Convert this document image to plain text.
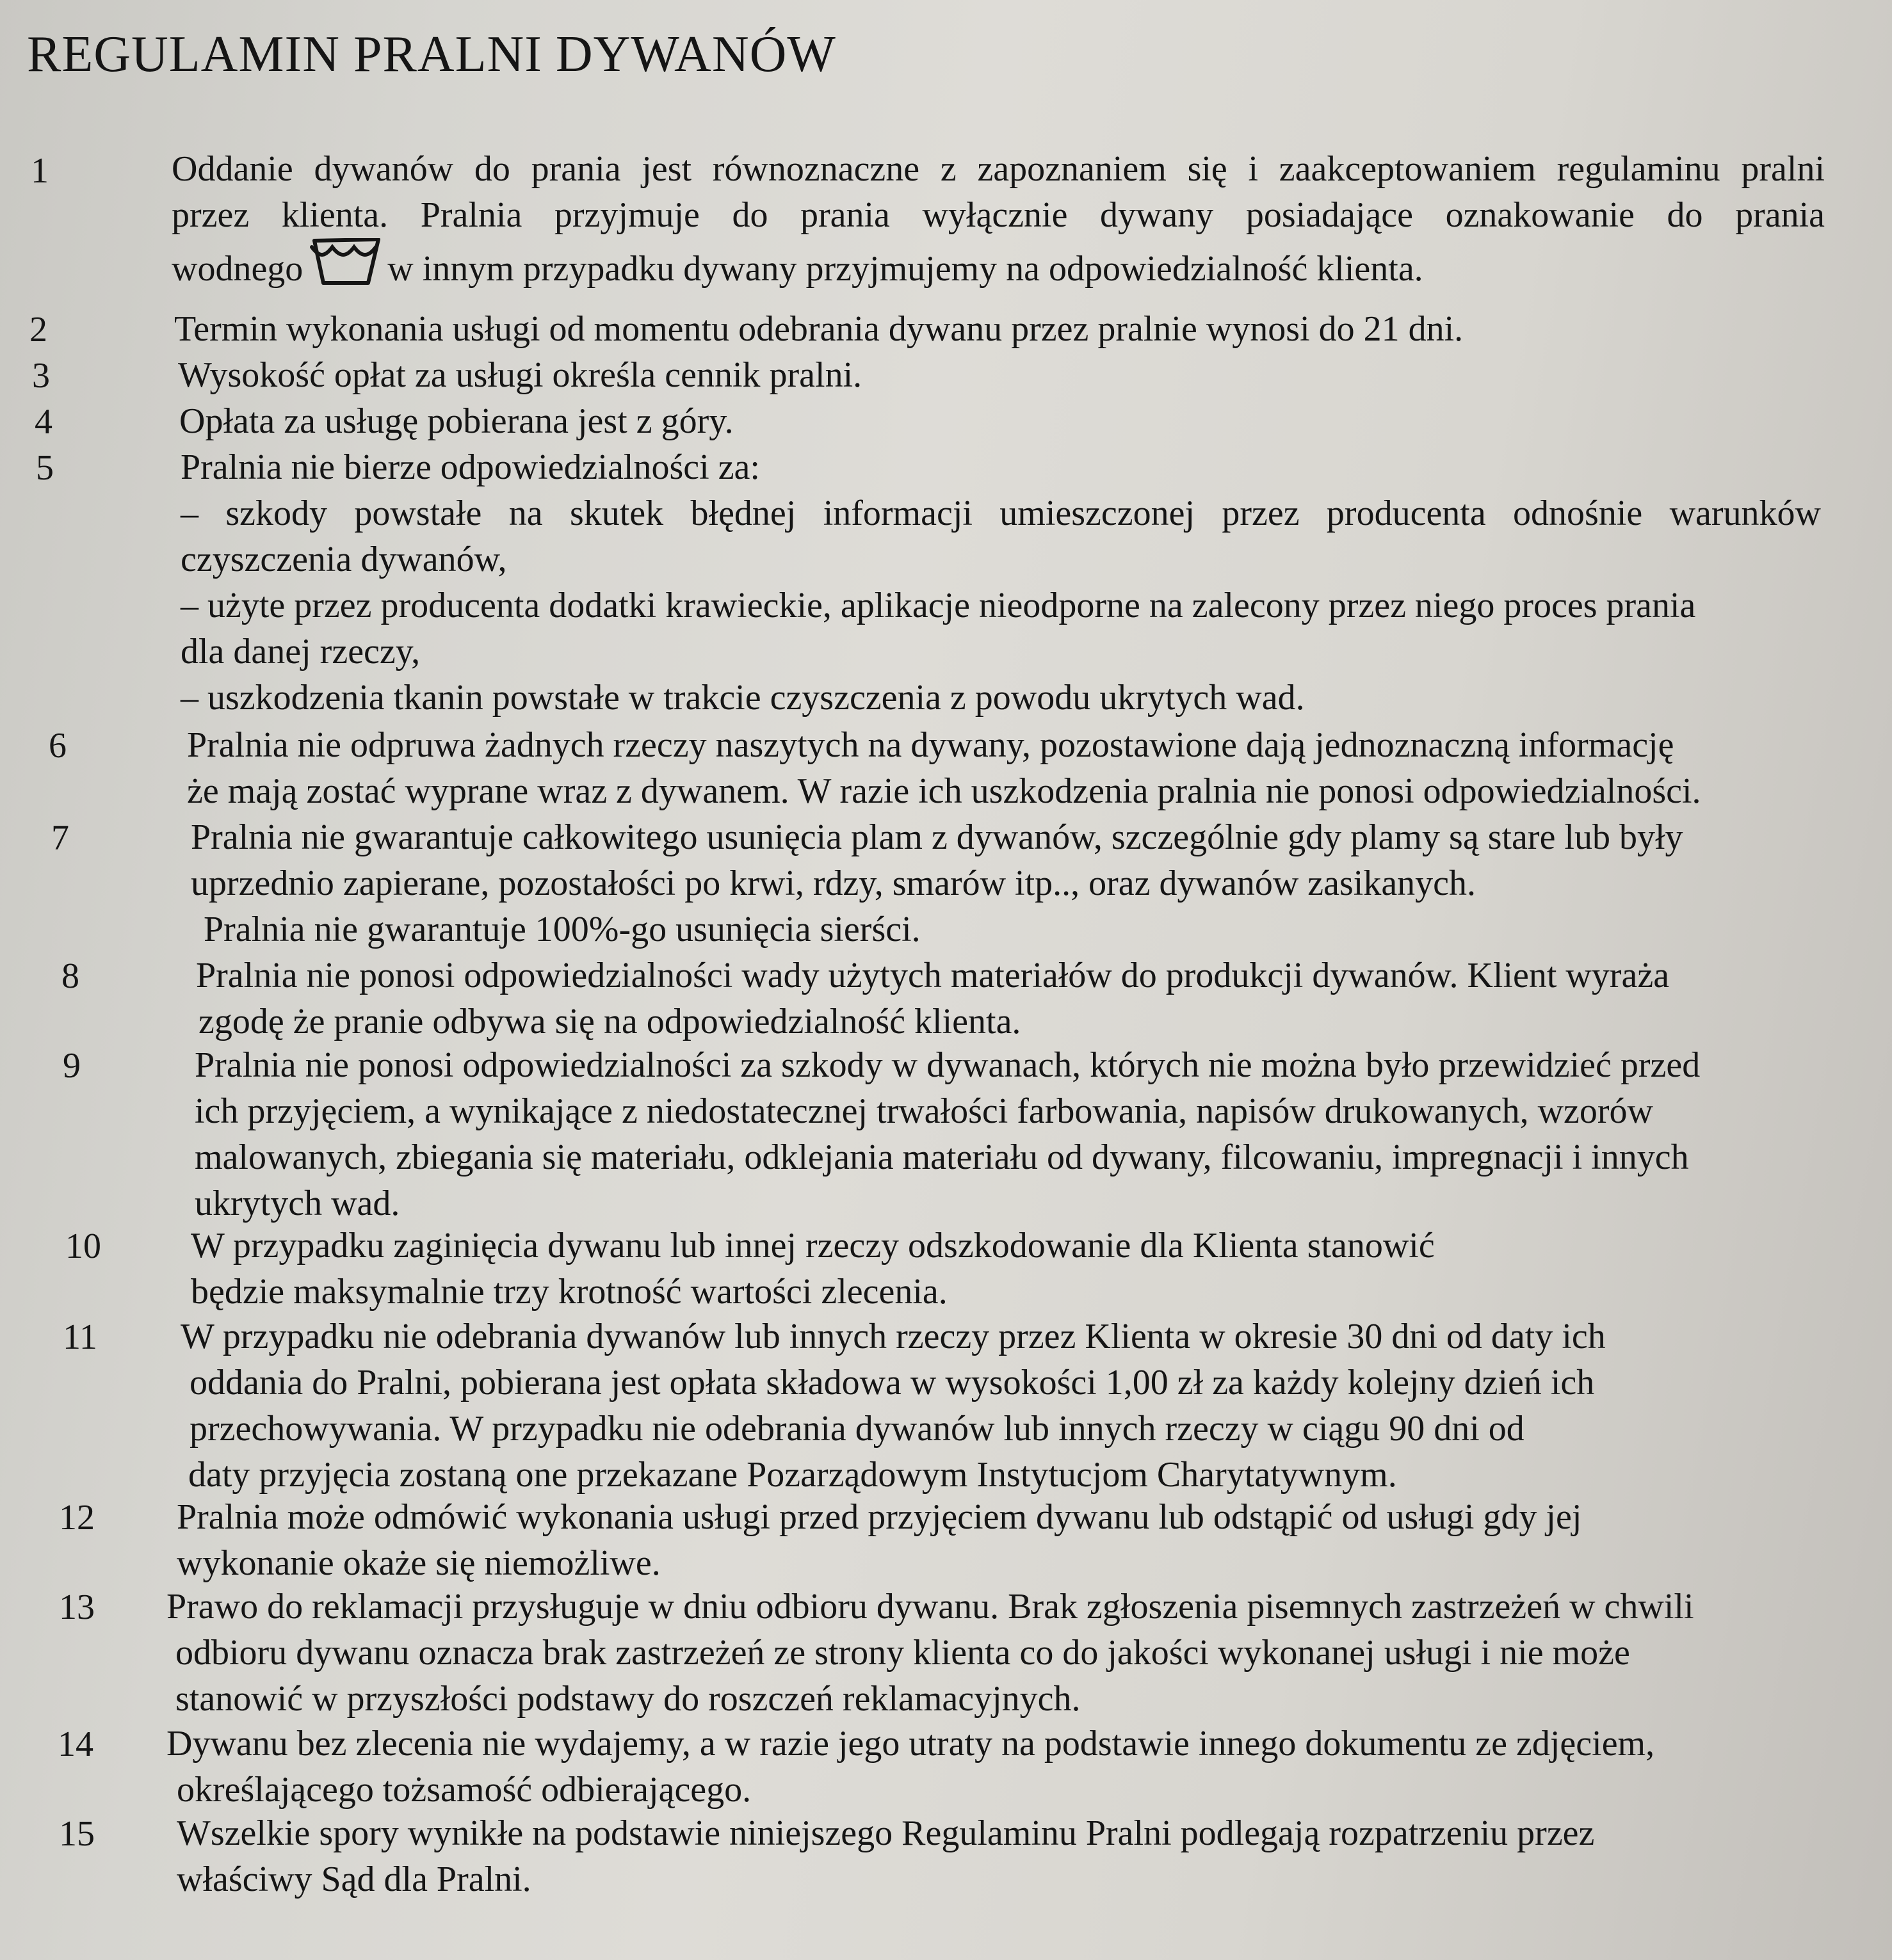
REGULAMIN PRALNI DYWANÓW
1	Oddanie dywanów do prania jest równoznaczne z zapoznaniem się i zaakceptowaniem regulaminu pralni
przez klienta. Pralnia przyjmuje do prania wyłącznie dywany posiadające oznakowanie do prania
wodnego w innym przypadku dywany przyjmujemy na odpowiedzialność klienta.
2	Termin wykonania usługi od momentu odebrania dywanu przez pralnie wynosi do 21 dni.
3	Wysokość opłat za usługi określa cennik pralni.
4	Opłata za usługę pobierana jest z góry.
5	Pralnia nie bierze odpowiedzialności za:
– szkody powstałe na skutek błędnej informacji umieszczonej przez producenta odnośnie warunków
czyszczenia dywanów,
– użyte przez producenta dodatki krawieckie, aplikacje nieodporne na zalecony przez niego proces prania
dla danej rzeczy,
– uszkodzenia tkanin powstałe w trakcie czyszczenia z powodu ukrytych wad.
6	Pralnia nie odpruwa żadnych rzeczy naszytych na dywany, pozostawione dają jednoznaczną informację
że mają zostać wyprane wraz z dywanem. W razie ich uszkodzenia pralnia nie ponosi odpowiedzialności.
7	Pralnia nie gwarantuje całkowitego usunięcia plam z dywanów, szczególnie gdy plamy są stare lub były
uprzednio zapierane, pozostałości po krwi, rdzy, smarów itp.., oraz dywanów zasikanych.
Pralnia nie gwarantuje 100%-go usunięcia sierści.
8	Pralnia nie ponosi odpowiedzialności wady użytych materiałów do produkcji dywanów. Klient wyraża
zgodę że pranie odbywa się na odpowiedzialność klienta.
9	Pralnia nie ponosi odpowiedzialności za szkody w dywanach, których nie można było przewidzieć przed
ich przyjęciem, a wynikające z niedostatecznej trwałości farbowania, napisów drukowanych, wzorów
malowanych, zbiegania się materiału, odklejania materiału od dywany, filcowaniu, impregnacji i innych
ukrytych wad.
10	W przypadku zaginięcia dywanu lub innej rzeczy odszkodowanie dla Klienta stanowić
będzie maksymalnie trzy krotność wartości zlecenia.
11 W przypadku nie odebrania dywanów lub innych rzeczy przez Klienta w okresie 30 dni od daty ich
oddania do Pralni, pobierana jest opłata składowa w wysokości 1,00 zł za każdy kolejny dzień ich
przechowywania. W przypadku nie odebrania dywanów lub innych rzeczy w ciągu 90 dni od
daty przyjęcia zostaną one przekazane Pozarządowym Instytucjom Charytatywnym.
12 Pralnia może odmówić wykonania usługi przed przyjęciem dywanu lub odstąpić od usługi gdy jej
wykonanie okaże się niemożliwe.
13 Prawo do reklamacji przysługuje w dniu odbioru dywanu. Brak zgłoszenia pisemnych zastrzeżeń w chwili
odbioru dywanu oznacza brak zastrzeżeń ze strony klienta co do jakości wykonanej usługi i nie może
stanowić w przyszłości podstawy do roszczeń reklamacyjnych.
14 Dywanu bez zlecenia nie wydajemy, a w razie jego utraty na podstawie innego dokumentu ze zdjęciem,
określającego tożsamość odbierającego.
15 Wszelkie spory wynikłe na podstawie niniejszego Regulaminu Pralni podlegają rozpatrzeniu przez
właściwy Sąd dla Pralni.
